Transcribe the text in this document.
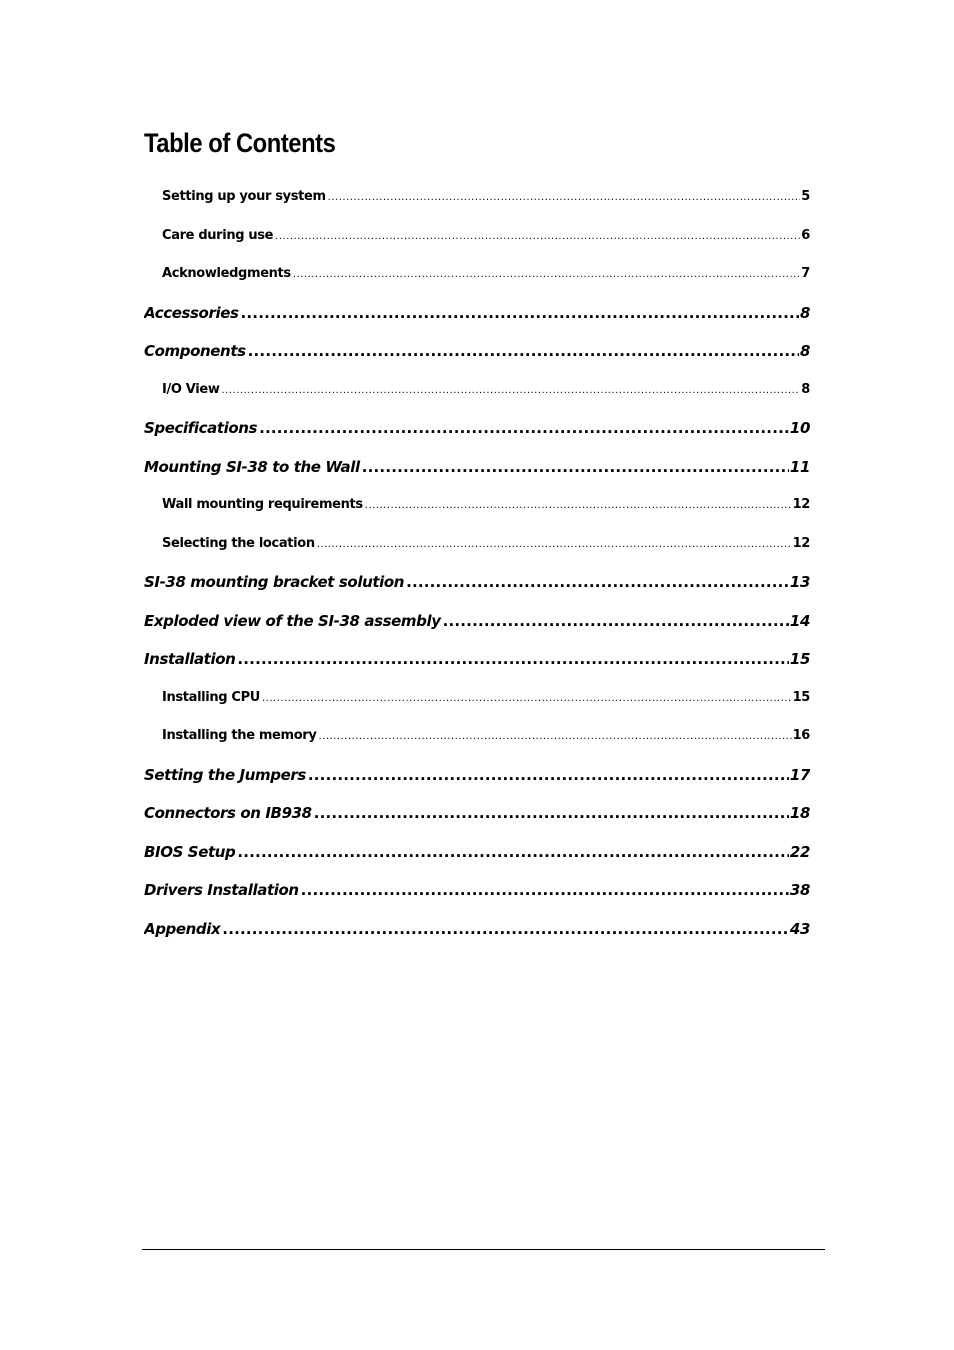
Table of Contents
Setting up your system .....	5
Care during use .....	6
Acknowledgments .....	7
Accessories .....	8
Components .....	8
I/O View .....	8
Specifications .....	10
Mounting SI-38 to the Wall .....	11
Wall mounting requirements .....	12
Selecting the location .....	12
SI-38 mounting bracket solution .....	13
Exploded view of the SI-38 assembly .....	14
Installation .....	15
Installing CPU .....	15
Installing the memory .....	16
Setting the Jumpers .....	17
Connectors on IB938 .....	18
BIOS Setup .....	22
Drivers Installation .....	38
Appendix .....	43
